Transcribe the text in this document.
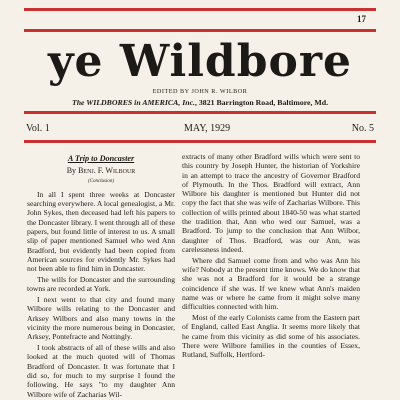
17
ye Wildbore
EDITED BY JOHN R. WILBOR
The WILDBORES in AMERICA, Inc., 3821 Barrington Road, Baltimore, Md.
Vol. 1	MAY, 1929	No. 5
A Trip to Doncaster
By Benj. F. Wilbour
(Conclusion)

In all I spent three weeks at Doncaster searching everywhere. A local genealogist, a Mr. John Sykes, then deceased had left his papers to the Doncaster library. I went through all of these papers, but found little of interest to us. A small slip of paper mentioned Samuel who wed Ann Bradford, but evidently had been copied from American sources for evidently Mr. Sykes had not been able to find him in Doncaster.

The wills for Doncaster and the surrounding towns are recorded at York.

I next went to that city and found many Wilbore wills relating to the Doncaster and Arksey Wilbors and also many towns in the vicinity the more numerous being in Doncaster, Arksey, Pontefracte and Nottingly.

I took abstracts of all of these wills and also looked at the much quoted will of Thomas Bradford of Doncaster. It was fortunate that I did so, for much to my surprise I found the following. He says "to my daughter Ann Wilbore wife of Zacharias Wil-

extracts of many other Bradford wills which were sent to this country by Joseph Hunter, the historian of Yorkshire in an attempt to trace the ancestry of Governor Bradford of Plymouth. In the Thos. Bradford will extract, Ann Wilbore his daughter is mentioned but Hunter did not copy the fact that she was wife of Zacharias Wilbore. This collection of wills printed about 1840-50 was what started the tradition that, Ann who wed our Samuel, was a Bradford. To jump to the conclusion that Ann Wilbor, daughter of Thos. Bradford, was our Ann, was carelessness indeed.

Where did Samuel come from and who was Ann his wife? Nobody at the present time knows. We do know that she was not a Bradford for it would be a strange coincidence if she was. If we knew what Ann's maiden name was or where he came from it might solve many difficulties connected with him.

Most of the early Colonists came from the Eastern part of England, called East Anglia. It seems more likely that he came from this vicinity as did some of his associates. There were Wilbore families in the counties of Essex, Rutland, Suffolk, Hertford-
